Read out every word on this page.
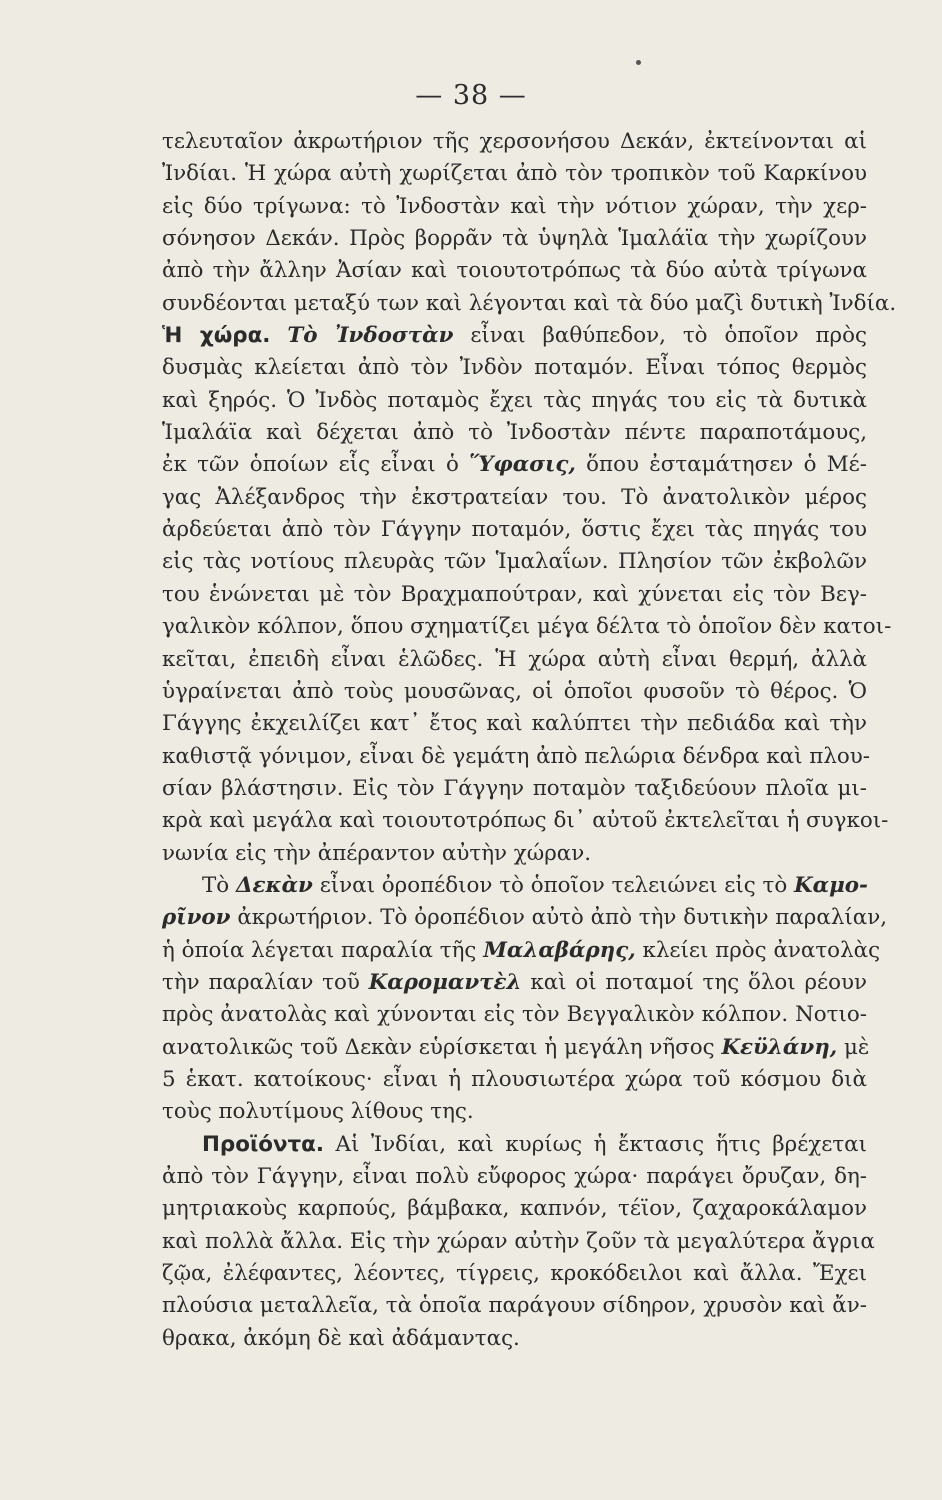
— 38 —
τελευταῖον ἀκρωτήριον τῆς χερσονήσου Δεκάν, ἐκτείνονται αἱ
Ἰνδίαι. Ἡ χώρα αὐτὴ χωρίζεται ἀπὸ τὸν τροπικὸν τοῦ Καρκίνου
εἰς δύο τρίγωνα: τὸ Ἰνδοστὰν καὶ τὴν νότιον χώραν, τὴν χερ-
σόνησον Δεκάν. Πρὸς βορρᾶν τὰ ὑψηλὰ Ἱμαλάϊα τὴν χωρίζουν
ἀπὸ τὴν ἄλλην Ἀσίαν καὶ τοιουτοτρόπως τὰ δύο αὐτὰ τρίγωνα
συνδέονται μεταξύ των καὶ λέγονται καὶ τὰ δύο μαζὶ δυτικὴ Ἰνδία.
Ἡ χώρα. Τὸ Ἰνδοστὰν εἶναι βαθύπεδον, τὸ ὁποῖον πρὸς
δυσμὰς κλείεται ἀπὸ τὸν Ἰνδὸν ποταμόν. Εἶναι τόπος θερμὸς
καὶ ξηρός. Ὁ Ἰνδὸς ποταμὸς ἔχει τὰς πηγάς του εἰς τὰ δυτικὰ
Ἱμαλάϊα καὶ δέχεται ἀπὸ τὸ Ἰνδοστὰν πέντε παραποτάμους,
ἐκ τῶν ὁποίων εἷς εἶναι ὁ Ὕφασις, ὅπου ἐσταμάτησεν ὁ Μέ-
γας Ἀλέξανδρος τὴν ἐκστρατείαν του. Τὸ ἀνατολικὸν μέρος
ἀρδεύεται ἀπὸ τὸν Γάγγην ποταμόν, ὅστις ἔχει τὰς πηγάς του
εἰς τὰς νοτίους πλευρὰς τῶν Ἱμαλαΐων. Πλησίον τῶν ἐκβολῶν
του ἑνώνεται μὲ τὸν Βραχμαπούτραν, καὶ χύνεται εἰς τὸν Βεγ-
γαλικὸν κόλπον, ὅπου σχηματίζει μέγα δέλτα τὸ ὁποῖον δὲν κατοι-
κεῖται, ἐπειδὴ εἶναι ἑλῶδες. Ἡ χώρα αὐτὴ εἶναι θερμή, ἀλλὰ
ὑγραίνεται ἀπὸ τοὺς μουσῶνας, οἱ ὁποῖοι φυσοῦν τὸ θέρος. Ὁ
Γάγγης ἐκχειλίζει κατ᾿ ἔτος καὶ καλύπτει τὴν πεδιάδα καὶ τὴν
καθιστᾷ γόνιμον, εἶναι δὲ γεμάτη ἀπὸ πελώρια δένδρα καὶ πλου-
σίαν βλάστησιν. Εἰς τὸν Γάγγην ποταμὸν ταξιδεύουν πλοῖα μι-
κρὰ καὶ μεγάλα καὶ τοιουτοτρόπως δι᾿ αὐτοῦ ἐκτελεῖται ἡ συγκοι-
νωνία εἰς τὴν ἀπέραντον αὐτὴν χώραν.
Τὸ Δεκὰν εἶναι ὀροπέδιον τὸ ὁποῖον τελειώνει εἰς τὸ Καμο-
ρῖνον ἀκρωτήριον. Τὸ ὀροπέδιον αὐτὸ ἀπὸ τὴν δυτικὴν παραλίαν,
ἡ ὁποία λέγεται παραλία τῆς Μαλαβάρης, κλείει πρὸς ἀνατολὰς
τὴν παραλίαν τοῦ Καρομαντὲλ καὶ οἱ ποταμοί της ὅλοι ρέουν
πρὸς ἀνατολὰς καὶ χύνονται εἰς τὸν Βεγγαλικὸν κόλπον. Νοτιο-
ανατολικῶς τοῦ Δεκὰν εὑρίσκεται ἡ μεγάλη νῆσος Κεϋλάνη, μὲ
5 ἑκατ. κατοίκους· εἶναι ἡ πλουσιωτέρα χώρα τοῦ κόσμου διὰ
τοὺς πολυτίμους λίθους της.
Προϊόντα. Αἱ Ἰνδίαι, καὶ κυρίως ἡ ἔκτασις ἥτις βρέχεται
ἀπὸ τὸν Γάγγην, εἶναι πολὺ εὔφορος χώρα· παράγει ὄρυζαν, δη-
μητριακοὺς καρπούς, βάμβακα, καπνόν, τέϊον, ζαχαροκάλαμον
καὶ πολλὰ ἄλλα. Εἰς τὴν χώραν αὐτὴν ζοῦν τὰ μεγαλύτερα ἄγρια
ζῷα, ἐλέφαντες, λέοντες, τίγρεις, κροκόδειλοι καὶ ἄλλα. Ἔχει
πλούσια μεταλλεῖα, τὰ ὁποῖα παράγουν σίδηρον, χρυσὸν καὶ ἄν-
θρακα, ἀκόμη δὲ καὶ ἀδάμαντας.
